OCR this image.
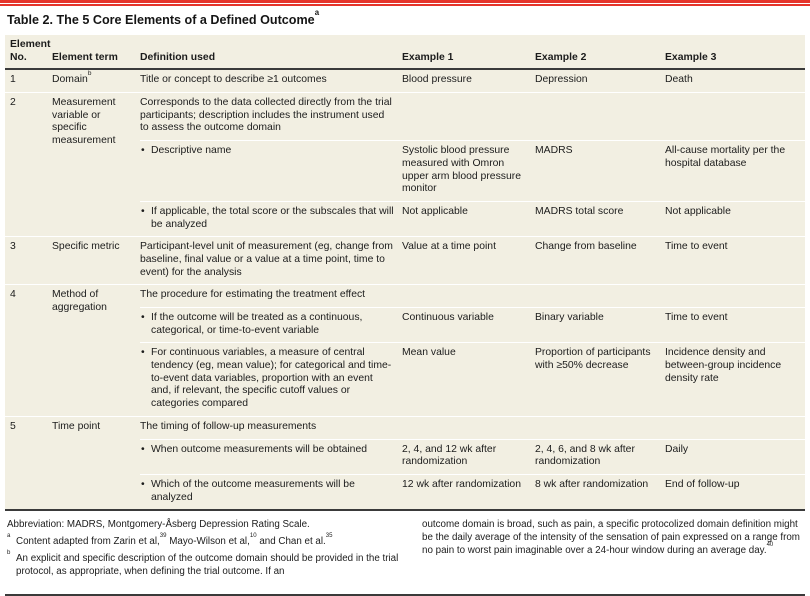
Table 2. The 5 Core Elements of a Defined Outcome$^a$
Element
No.	Element term	Definition used	Example 1	Example 2	Example 3
1	Domain$^b$	Title or concept to describe ≥1 outcomes	Blood pressure	Depression	Death
2	Measurement variable or specific measurement	Corresponds to the data collected directly from the trial participants; description includes the instrument used to assess the outcome domain			

		• Descriptive name	Systolic blood pressure measured with Omron upper arm blood pressure monitor	MADRS	All-cause mortality per the hospital database

		• If applicable, the total score or the subscales that will be analyzed	Not applicable	MADRS total score	Not applicable
3	Specific metric	Participant-level unit of measurement (eg, change from baseline, final value or a value at a time point, time to event) for the analysis	Value at a time point	Change from baseline	Time to event
4	Method of aggregation	The procedure for estimating the treatment effect			

		• If the outcome will be treated as a continuous, categorical, or time-to-event variable	Continuous variable	Binary variable	Time to event

		• For continuous variables, a measure of central tendency (eg, mean value); for categorical and time-to-event data variables, proportion with an event and, if relevant, the specific cutoff values or categories compared	Mean value	Proportion of participants with ≥50% decrease	Incidence density and between-group incidence density rate
5	Time point	The timing of follow-up measurements			

		• When outcome measurements will be obtained	2, 4, and 12 wk after randomization	2, 4, 6, and 8 wk after randomization	Daily

		• Which of the outcome measurements will be analyzed	12 wk after randomization	8 wk after randomization	End of follow-up

Abbreviation: MADRS, Montgomery-Åsberg Depression Rating Scale.

a Content adapted from Zarin et al,$^{39}$ Mayo-Wilson et al,$^{10}$ and Chan et al.$^{35}$

b An explicit and specific description of the outcome domain should be provided in the trial protocol, as appropriate, when defining the trial outcome. If an

outcome domain is broad, such as pain, a specific protocolized domain definition might be the daily average of the intensity of the sensation of pain expressed on a range from no pain to worst pain imaginable over a 24-hour window during an average day.$^{40}$
